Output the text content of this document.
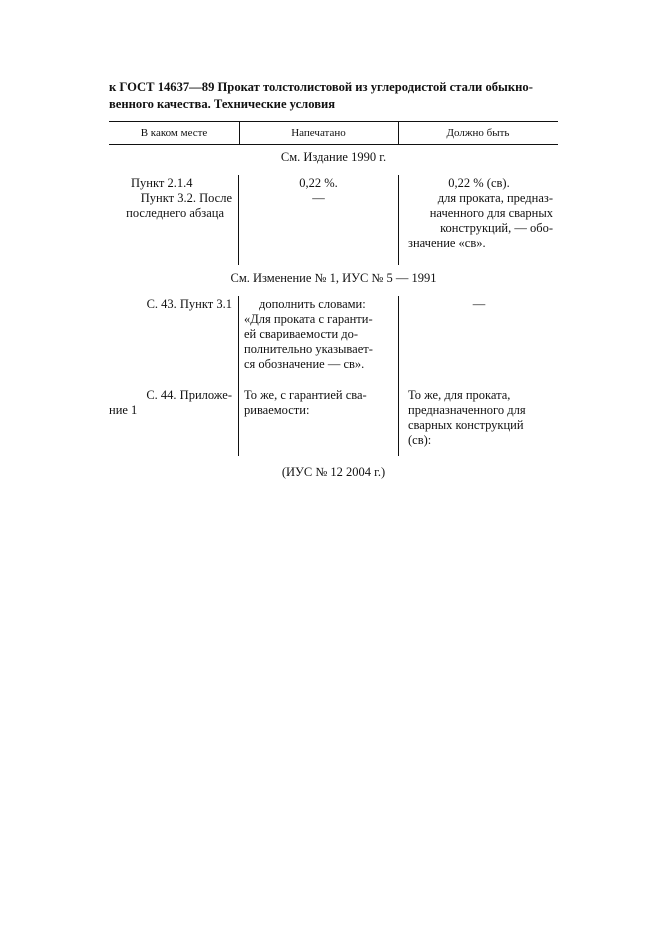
к ГОСТ 14637—89 Прокат толстолистовой из углеродистой стали обыкно-
венного качества. Технические условия
В каком месте	Напечатано	Должно быть
См. Издание 1990 г.
Пункт 2.1.4
Пункт 3.2. После
последнего абзаца
0,22 %.
—
0,22 % (св).
для проката, предназ-
наченного для сварных
конструкций, — обо-
значение «св».
См. Изменение № 1, ИУС № 5 — 1991
С. 43. Пункт 3.1 дополнить словами:
«Для проката с гаранти-
ей свариваемости до-
полнительно указывает-
ся обозначение — св».
—
С. 44. Приложе-
ние 1
То же, с гарантией сва-
риваемости:
То же, для проката,
предназначенного для
сварных конструкций
(св):
(ИУС № 12 2004 г.)
